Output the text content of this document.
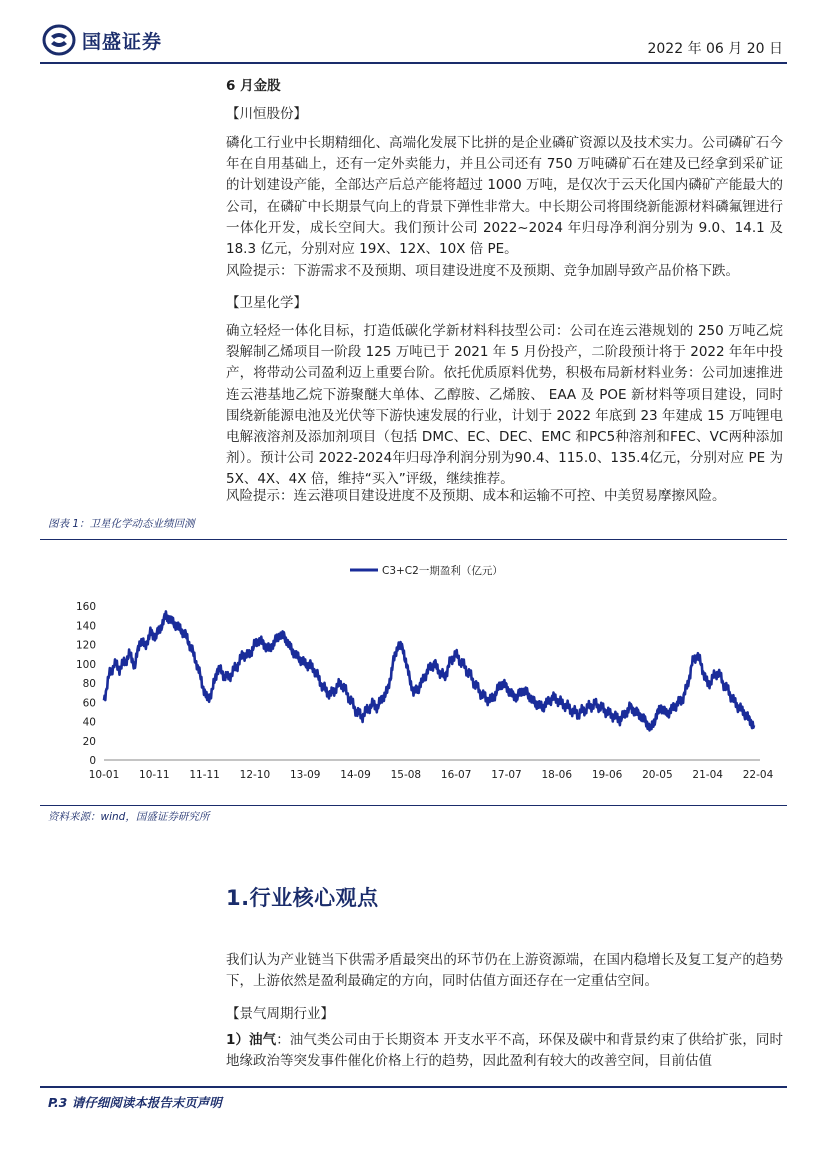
国盛证券	2022 年 06 月 20 日
6 月金股
【川恒股份】
磷化工行业中长期精细化、高端化发展下比拼的是企业磷矿资源以及技术实力。公司磷矿石今年在自用基础上，还有一定外卖能力，并且公司还有 750 万吨磷矿石在建及已经拿到采矿证的计划建设产能，全部达产后总产能将超过 1000 万吨，是仅次于云天化国内磷矿产能最大的公司，在磷矿中长期景气向上的背景下弹性非常大。中长期公司将围绕新能源材料磷氟锂进行一体化开发，成长空间大。我们预计公司 2022~2024 年归母净利润分别为 9.0、14.1 及 18.3 亿元，分别对应 19X、12X、10X 倍 PE。
风险提示：下游需求不及预期、项目建设进度不及预期、竞争加剧导致产品价格下跌。
【卫星化学】
确立轻烃一体化目标，打造低碳化学新材料科技型公司：公司在连云港规划的 250 万吨乙烷裂解制乙烯项目一阶段 125 万吨已于 2021 年 5 月份投产，二阶段预计将于 2022 年年中投产，将带动公司盈利迈上重要台阶。依托优质原料优势，积极布局新材料业务：公司加速推进连云港基地乙烷下游聚醚大单体、乙醇胺、乙烯胺、 EAA 及 POE 新材料等项目建设，同时围绕新能源电池及光伏等下游快速发展的行业，计划于 2022 年底到 23 年建成 15 万吨锂电电解液溶剂及添加剂项目（包括 DMC、EC、DEC、EMC 和PC5种溶剂和FEC、VC两种添加剂）。预计公司 2022-2024年归母净利润分别为90.4、115.0、135.4亿元，分别对应 PE 为 5X、4X、4X 倍，维持“买入”评级，继续推荐。
风险提示：连云港项目建设进度不及预期、成本和运输不可控、中美贸易摩擦风险。
图表 1：卫星化学动态业绩回测
C3+C2一期盈利（亿元）
0
20
40
60
80
100
120
140
160
10-01 10-11 11-11 12-10 13-09 14-09 15-08 16-07 17-07 18-06 19-06 20-05 21-04 22-04
资料来源：wind，国盛证券研究所
1.行业核心观点
我们认为产业链当下供需矛盾最突出的环节仍在上游资源端，在国内稳增长及复工复产的趋势下，上游依然是盈利最确定的方向，同时估值方面还存在一定重估空间。
【景气周期行业】
1）油气：油气类公司由于长期资本 开支水平不高，环保及碳中和背景约束了供给扩张，同时地缘政治等突发事件催化价格上行的趋势，因此盈利有较大的改善空间，目前估值
P.3 请仔细阅读本报告末页声明
